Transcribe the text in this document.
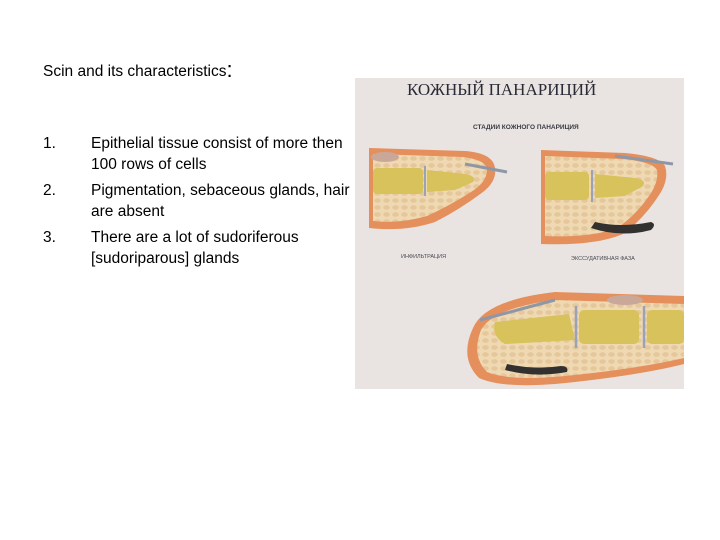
Scin and its characteristics:
1. Epithelial tissue consist of more then 100 rows of cells
2. Pigmentation, sebaceous glands, hair are absent
3. There are a lot of sudoriferous [sudoriparous] glands
КОЖНЫЙ ПАНАРИЦИЙ
СТАДИИ КОЖНОГО ПАНАРИЦИЯ
ИНФИЛЬТРАЦИЯ	ЭКССУДАТИВНАЯ ФАЗА
